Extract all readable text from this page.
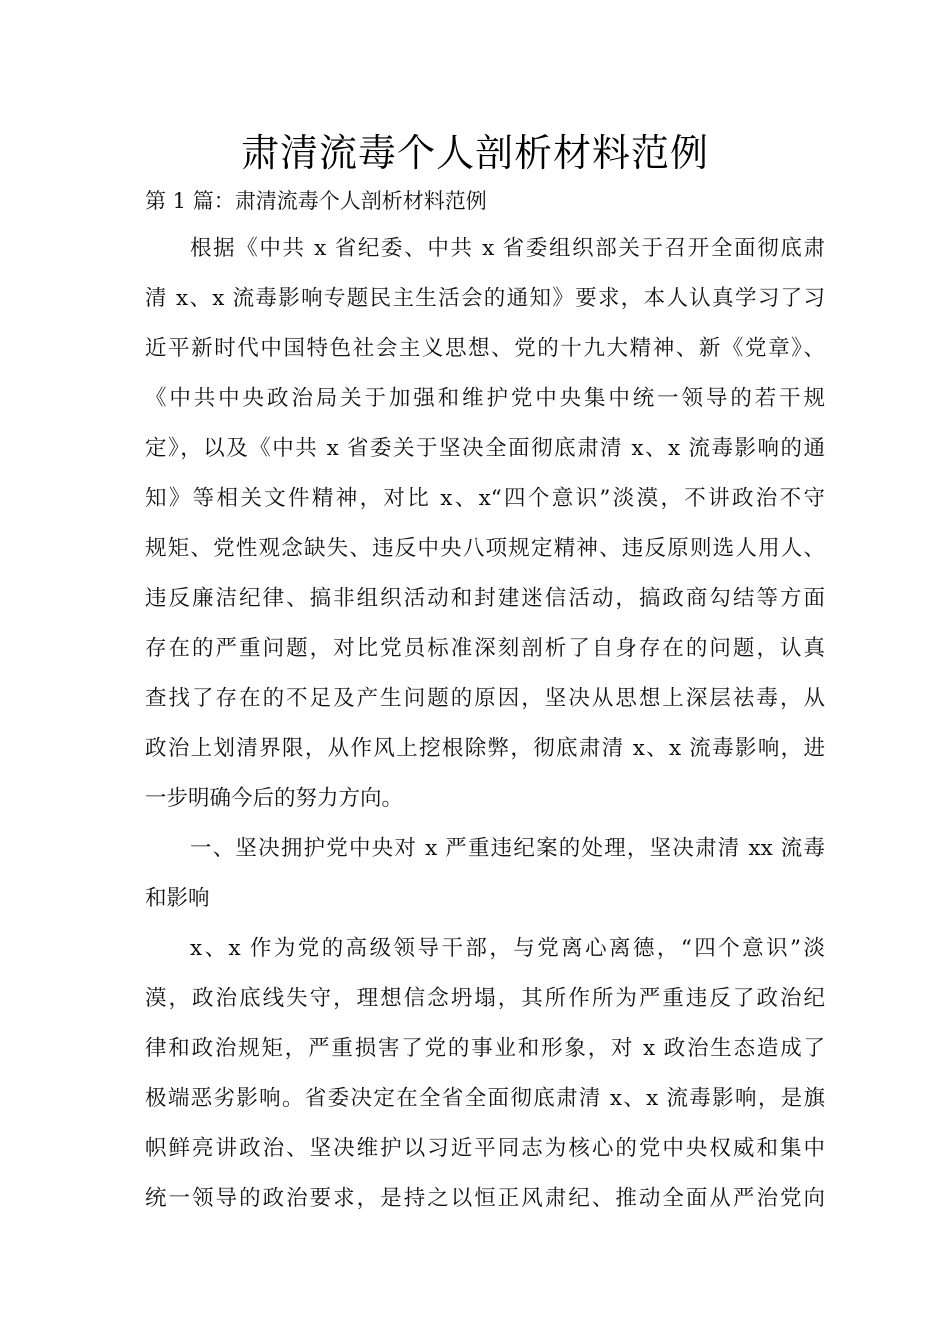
肃清流毒个人剖析材料范例
第 1 篇：肃清流毒个人剖析材料范例
根据《中共 x 省纪委、中共 x 省委组织部关于召开全面彻底肃
清 x、x 流毒影响专题民主生活会的通知》要求，本人认真学习了习
近平新时代中国特色社会主义思想、党的十九大精神、新《党章》、
《中共中央政治局关于加强和维护党中央集中统一领导的若干规
定》，以及《中共 x 省委关于坚决全面彻底肃清 x、x 流毒影响的通
知》等相关文件精神，对比 x、x“四个意识”淡漠，不讲政治不守
规矩、党性观念缺失、违反中央八项规定精神、违反原则选人用人、
违反廉洁纪律、搞非组织活动和封建迷信活动，搞政商勾结等方面
存在的严重问题，对比党员标准深刻剖析了自身存在的问题，认真
查找了存在的不足及产生问题的原因，坚决从思想上深层祛毒，从
政治上划清界限，从作风上挖根除弊，彻底肃清 x、x 流毒影响，进
一步明确今后的努力方向。
一、坚决拥护党中央对 x 严重违纪案的处理，坚决肃清 xx 流毒
和影响
x、x 作为党的高级领导干部，与党离心离德，“四个意识”淡
漠，政治底线失守，理想信念坍塌，其所作所为严重违反了政治纪
律和政治规矩，严重损害了党的事业和形象，对 x 政治生态造成了
极端恶劣影响。省委决定在全省全面彻底肃清 x、x 流毒影响，是旗
帜鲜亮讲政治、坚决维护以习近平同志为核心的党中央权威和集中
统一领导的政治要求，是持之以恒正风肃纪、推动全面从严治党向
